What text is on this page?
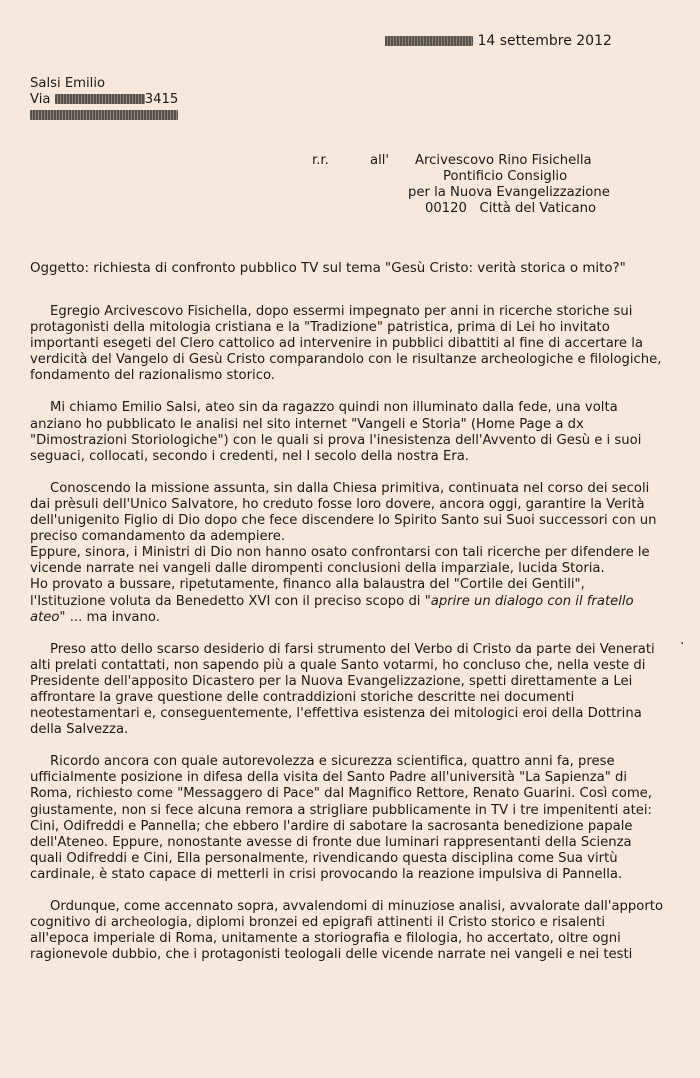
14 settembre 2012
Salsi Emilio
Via	3415
r.r.	all' Arcivescovo Rino Fisichella
Pontificio Consiglio
per la Nuova Evangelizzazione
00120   Città del Vaticano
Oggetto: richiesta di confronto pubblico TV sul tema "Gesù Cristo: verità storica o mito?"
Egregio Arcivescovo Fisichella, dopo essermi impegnato per anni in ricerche storiche sui
protagonisti della mitologia cristiana e la "Tradizione" patristica, prima di Lei ho invitato
importanti esegeti del Clero cattolico ad intervenire in pubblici dibattiti al fine di accertare la
verdicità del Vangelo di Gesù Cristo comparandolo con le risultanze archeologiche e filologiche,
fondamento del razionalismo storico.
Mi chiamo Emilio Salsi, ateo sin da ragazzo quindi non illuminato dalla fede, una volta
anziano ho pubblicato le analisi nel sito internet "Vangeli e Storia" (Home Page a dx
"Dimostrazioni Storiologiche") con le quali si prova l'inesistenza dell'Avvento di Gesù e i suoi
seguaci, collocati, secondo i credenti, nel I secolo della nostra Era.
Conoscendo la missione assunta, sin dalla Chiesa primitiva, continuata nel corso dei secoli
dai prèsuli dell'Unico Salvatore, ho creduto fosse loro dovere, ancora oggi, garantire la Verità
dell'unigenito Figlio di Dio dopo che fece discendere lo Spirito Santo sui Suoi successori con un
preciso comandamento da adempiere.
Eppure, sinora, i Ministri di Dio non hanno osato confrontarsi con tali ricerche per difendere le
vicende narrate nei vangeli dalle dirompenti conclusioni della imparziale, lucida Storia.
Ho provato a bussare, ripetutamente, financo alla balaustra del "Cortile dei Gentili",
l'Istituzione voluta da Benedetto XVI con il preciso scopo di "aprire un dialogo con il fratello
ateo" ... ma invano.
Preso atto dello scarso desiderio di farsi strumento del Verbo di Cristo da parte dei Venerati
alti prelati contattati, non sapendo più a quale Santo votarmi, ho concluso che, nella veste di
Presidente dell'apposito Dicastero per la Nuova Evangelizzazione, spetti direttamente a Lei
affrontare la grave questione delle contraddizioni storiche descritte nei documenti
neotestamentari e, conseguentemente, l'effettiva esistenza dei mitologici eroi della Dottrina
della Salvezza.
Ricordo ancora con quale autorevolezza e sicurezza scientifica, quattro anni fa, prese
ufficialmente posizione in difesa della visita del Santo Padre all'università "La Sapienza" di
Roma, richiesto come "Messaggero di Pace" dal Magnifico Rettore, Renato Guarini. Così come,
giustamente, non si fece alcuna remora a strigliare pubblicamente in TV i tre impenitenti atei:
Cini, Odifreddi e Pannella; che ebbero l'ardire di sabotare la sacrosanta benedizione papale
dell'Ateneo. Eppure, nonostante avesse di fronte due luminari rappresentanti della Scienza
quali Odifreddi e Cini, Ella personalmente, rivendicando questa disciplina come Sua virtù
cardinale, è stato capace di metterli in crisi provocando la reazione impulsiva di Pannella.
Ordunque, come accennato sopra, avvalendomi di minuziose analisi, avvalorate dall'apporto
cognitivo di archeologia, diplomi bronzei ed epigrafi attinenti il Cristo storico e risalenti
all'epoca imperiale di Roma, unitamente a storiografia e filologia, ho accertato, oltre ogni
ragionevole dubbio, che i protagonisti teologali delle vicende narrate nei vangeli e nei testi
.
